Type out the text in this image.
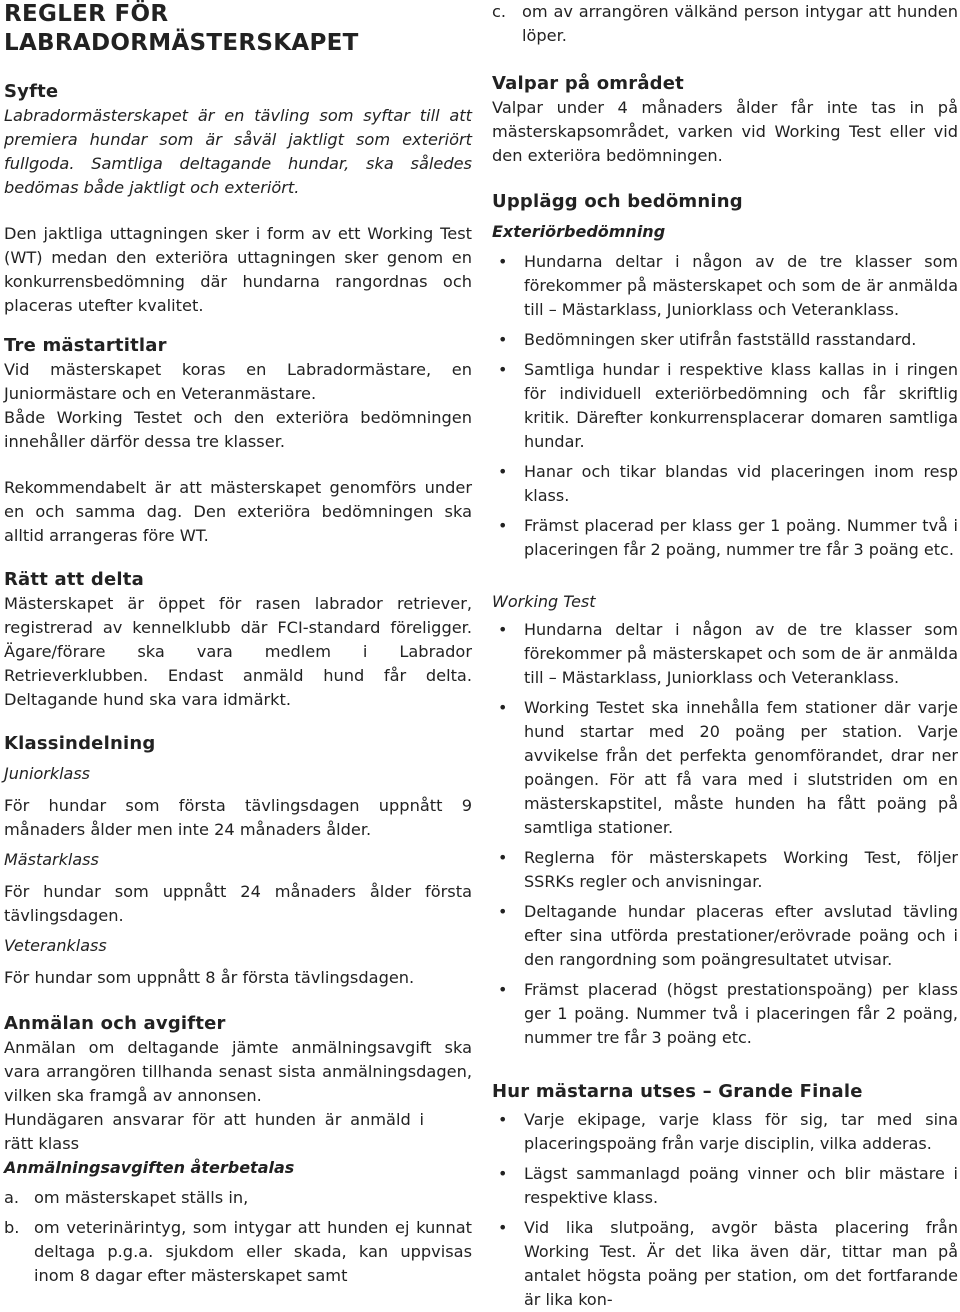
REGLER FÖR LABRADORMÄSTERSKAPET
Syfte

Labradormästerskapet är en tävling som syftar till att premiera hundar som är såväl jaktligt som exteriört fullgoda. Samtliga deltagande hundar, ska således bedömas både jaktligt och exteriört.

Den jaktliga uttagningen sker i form av ett Working Test (WT) medan den exteriöra uttagningen sker genom en konkurrensbedömning där hundarna rangordnas och placeras utefter kvalitet.

Tre mästartitlar

Vid mästerskapet koras en Labradormästare, en Juniormästare och en Veteranmästare.

Både Working Testet och den exteriöra bedömningen innehåller därför dessa tre klasser.

Rekommendabelt är att mästerskapet genomförs under en och samma dag. Den exteriöra bedömningen ska alltid arrangeras före WT.

Rätt att delta

Mästerskapet är öppet för rasen labrador retriever, registrerad av kennelklubb där FCI-standard föreligger. Ägare/förare ska vara medlem i Labrador Retrieverklubben. Endast anmäld hund får delta. Deltagande hund ska vara idmärkt.

Klassindelning
Juniorklass

För hundar som första tävlingsdagen uppnått 9 månaders ålder men inte 24 månaders ålder.

Mästarklass

För hundar som uppnått 24 månaders ålder första tävlingsdagen.

Veteranklass

För hundar som uppnått 8 år första tävlingsdagen.

Anmälan och avgifter

Anmälan om deltagande jämte anmälningsavgift ska vara arrangören tillhanda senast sista anmälningsdagen, vilken ska framgå av annonsen.

Hundägaren ansvarar för att hunden är anmäld i rätt klass

Anmälningsavgiften återbetalas
a. om mästerskapet ställs in,
b. om veterinärintyg, som intygar att hunden ej kunnat deltaga p.g.a. sjukdom eller skada, kan uppvisas inom 8 dagar efter mästerskapet samt
c. om av arrangören välkänd person intygar att hunden löper.
Valpar på området

Valpar under 4 månaders ålder får inte tas in på mästerskapsområdet, varken vid Working Test eller vid den exteriöra bedömningen.

Upplägg och bedömning
Exteriörbedömning
• Hundarna deltar i någon av de tre klasser som förekommer på mästerskapet och som de är anmälda till – Mästarklass, Juniorklass och Veteranklass.
• Bedömningen sker utifrån fastställd rasstandard.
• Samtliga hundar i respektive klass kallas in i ringen för individuell exteriörbedömning och får skriftlig kritik. Därefter konkurrensplacerar domaren samtliga hundar.
• Hanar och tikar blandas vid placeringen inom resp klass.
• Främst placerad per klass ger 1 poäng. Nummer två i placeringen får 2 poäng, nummer tre får 3 poäng etc.
Working Test
• Hundarna deltar i någon av de tre klasser som förekommer på mästerskapet och som de är anmälda till – Mästarklass, Juniorklass och Veteranklass.
• Working Testet ska innehålla fem stationer där varje hund startar med 20 poäng per station. Varje avvikelse från det perfekta genomförandet, drar ner poängen. För att få vara med i slutstriden om en mästerskapstitel, måste hunden ha fått poäng på samtliga stationer.
• Reglerna för mästerskapets Working Test, följer SSRKs regler och anvisningar.
• Deltagande hundar placeras efter avslutad tävling efter sina utförda prestationer/erövrade poäng och i den rangordning som poängresultatet utvisar.
• Främst placerad (högst prestationspoäng) per klass ger 1 poäng. Nummer två i placeringen får 2 poäng, nummer tre får 3 poäng etc.
Hur mästarna utses – Grande Finale
• Varje ekipage, varje klass för sig, tar med sina placeringspoäng från varje disciplin, vilka adderas.
• Lägst sammanlagd poäng vinner och blir mästare i respektive klass.
• Vid lika slutpoäng, avgör bästa placering från Working Test. Är det lika även där, tittar man på antalet högsta poäng per station, om det fortfarande är lika kon-
